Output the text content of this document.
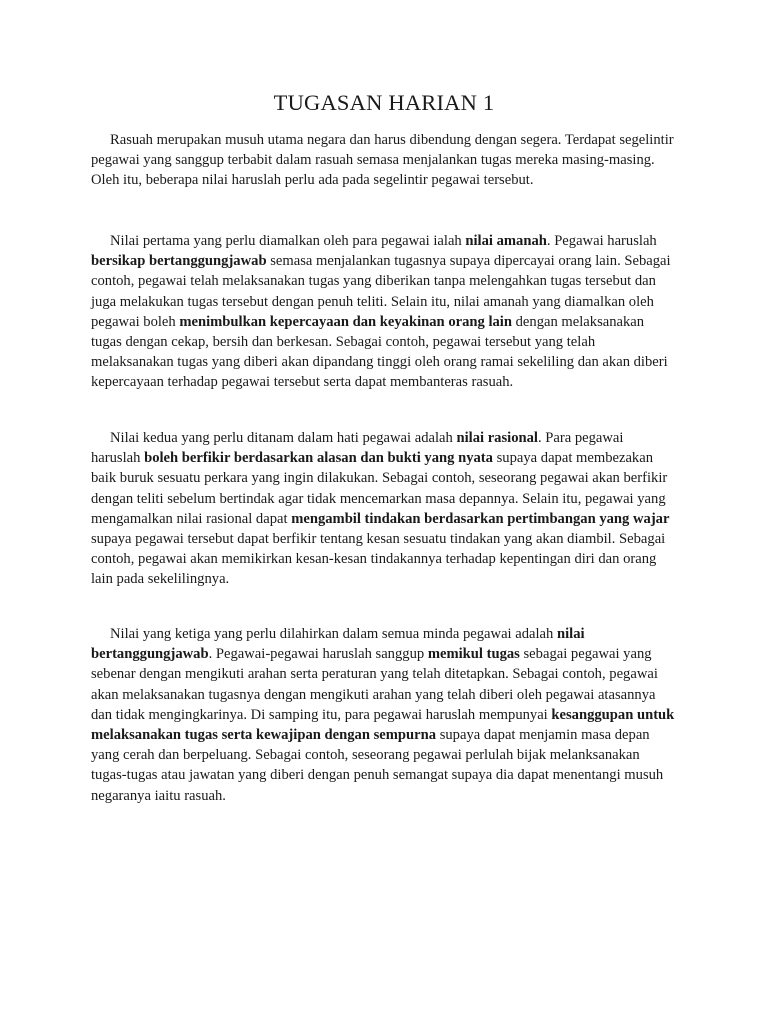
TUGASAN HARIAN 1

Rasuah merupakan musuh utama negara dan harus dibendung dengan segera. Terdapat segelintir pegawai yang sanggup terbabit dalam rasuah semasa menjalankan tugas mereka masing-masing. Oleh itu, beberapa nilai haruslah perlu ada pada segelintir pegawai tersebut.

Nilai pertama yang perlu diamalkan oleh para pegawai ialah nilai amanah. Pegawai haruslah bersikap bertanggungjawab semasa menjalankan tugasnya supaya dipercayai orang lain. Sebagai contoh, pegawai telah melaksanakan tugas yang diberikan tanpa melengahkan tugas tersebut dan juga melakukan tugas tersebut dengan penuh teliti. Selain itu, nilai amanah yang diamalkan oleh pegawai boleh menimbulkan kepercayaan dan keyakinan orang lain dengan melaksanakan tugas dengan cekap, bersih dan berkesan. Sebagai contoh, pegawai tersebut yang telah melaksanakan tugas yang diberi akan dipandang tinggi oleh orang ramai sekeliling dan akan diberi kepercayaan terhadap pegawai tersebut serta dapat membanteras rasuah.

Nilai kedua yang perlu ditanam dalam hati pegawai adalah nilai rasional. Para pegawai haruslah boleh berfikir berdasarkan alasan dan bukti yang nyata supaya dapat membezakan baik buruk sesuatu perkara yang ingin dilakukan. Sebagai contoh, seseorang pegawai akan berfikir dengan teliti sebelum bertindak agar tidak mencemarkan masa depannya. Selain itu, pegawai yang mengamalkan nilai rasional dapat mengambil tindakan berdasarkan pertimbangan yang wajar supaya pegawai tersebut dapat berfikir tentang kesan sesuatu tindakan yang akan diambil. Sebagai contoh, pegawai akan memikirkan kesan-kesan tindakannya terhadap kepentingan diri dan orang lain pada sekelilingnya.

Nilai yang ketiga yang perlu dilahirkan dalam semua minda pegawai adalah nilai bertanggungjawab. Pegawai-pegawai haruslah sanggup memikul tugas sebagai pegawai yang sebenar dengan mengikuti arahan serta peraturan yang telah ditetapkan. Sebagai contoh, pegawai akan melaksanakan tugasnya dengan mengikuti arahan yang telah diberi oleh pegawai atasannya dan tidak mengingkarinya. Di samping itu, para pegawai haruslah mempunyai kesanggupan untuk melaksanakan tugas serta kewajipan dengan sempurna supaya dapat menjamin masa depan yang cerah dan berpeluang. Sebagai contoh, seseorang pegawai perlulah bijak melanksanakan tugas-tugas atau jawatan yang diberi dengan penuh semangat supaya dia dapat menentangi musuh negaranya iaitu rasuah.
